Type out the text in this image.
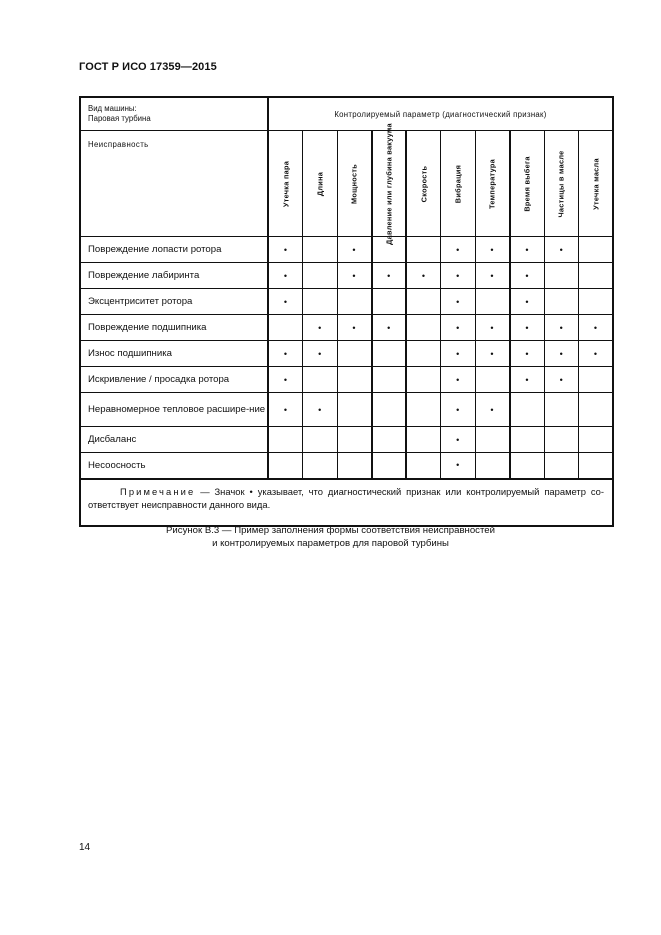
ГОСТ Р ИСО 17359—2015
Вид машины:
Паровая турбина	Контролируемый параметр (диагностический признак)									
Неисправность	Утечка пара	Длина	Мощность	Давление или глубина вакуума	Скорость	Вибрация	Температура	Время выбега	Частицы в масле	Утечка масла

Повреждение лопасти ротора	•		•			•	•	•	•	
Повреждение лабиринта	•		•	•	•	•	•	•		
Эксцентриситет ротора	•					•		•		
Повреждение подшипника		•	•	•		•	•	•	•	•
Износ подшипника	•	•				•	•	•	•	•
Искривление / просадка ротора	•					•		•	•	
Неравномерное тепловое расшире-ние	•	•				•	•			
Дисбаланс						•				
Несоосность						•				
Примечание — Значок • указывает, что диагностический признак или контролируемый параметр со-ответствует неисправности данного вида.										
Рисунок В.3 — Пример заполнения формы соответствия неисправностей
и контролируемых параметров для паровой турбины
14
